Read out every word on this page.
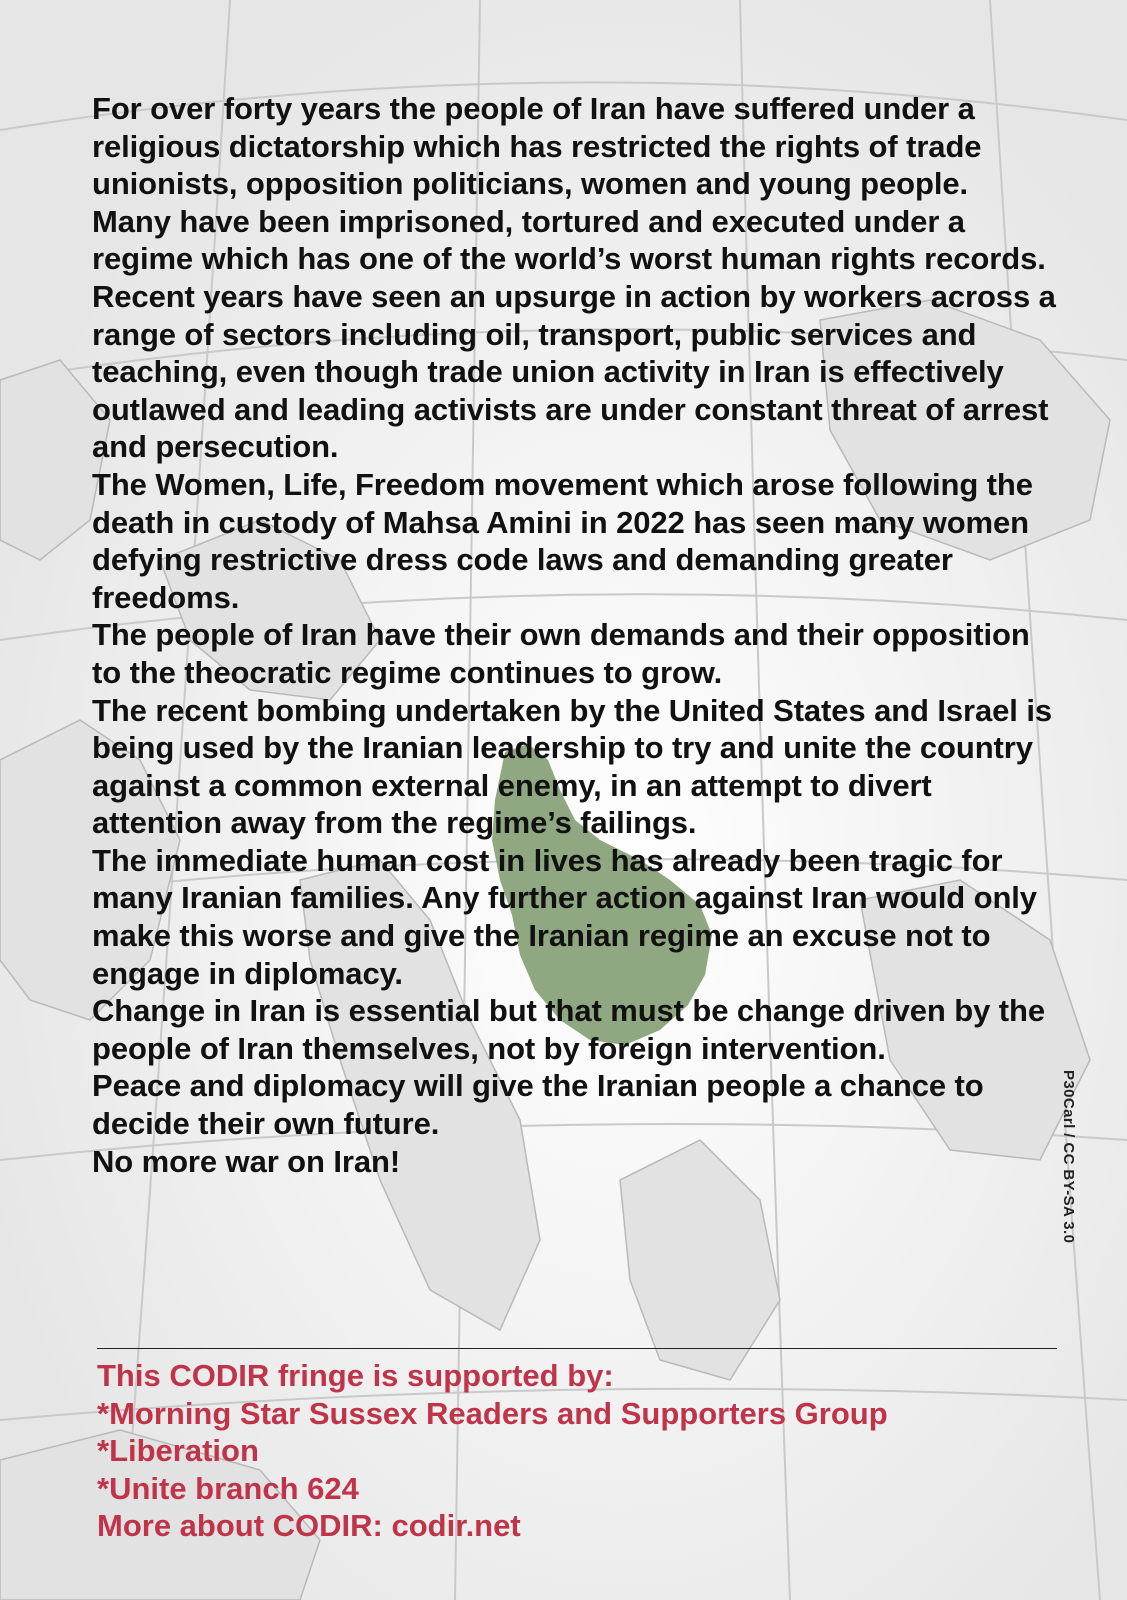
For over forty years the people of Iran have suffered under a religious dictatorship which has restricted the rights of trade unionists, opposition politicians, women and young people.

Many have been imprisoned, tortured and executed under a regime which has one of the world’s worst human rights records.

Recent years have seen an upsurge in action by workers across a range of sectors including oil, transport, public services and teaching, even though trade union activity in Iran is effectively outlawed and leading activists are under constant threat of arrest and persecution.

The Women, Life, Freedom movement which arose following the death in custody of Mahsa Amini in 2022 has seen many women defying restrictive dress code laws and demanding greater freedoms.

The people of Iran have their own demands and their opposition to the theocratic regime continues to grow.

The recent bombing undertaken by the United States and Israel is being used by the Iranian leadership to try and unite the country against a common external enemy, in an attempt to divert attention away from the regime’s failings.

The immediate human cost in lives has already been tragic for many Iranian families. Any further action against Iran would only make this worse and give the Iranian regime an excuse not to engage in diplomacy.

Change in Iran is essential but that must be change driven by the people of Iran themselves, not by foreign intervention.

Peace and diplomacy will give the Iranian people a chance to decide their own future.

No more war on Iran!

This CODIR fringe is supported by:

*Morning Star Sussex Readers and Supporters Group

*Liberation

*Unite branch 624

More about CODIR: codir.net

P30Carl / CC BY-SA 3.0
